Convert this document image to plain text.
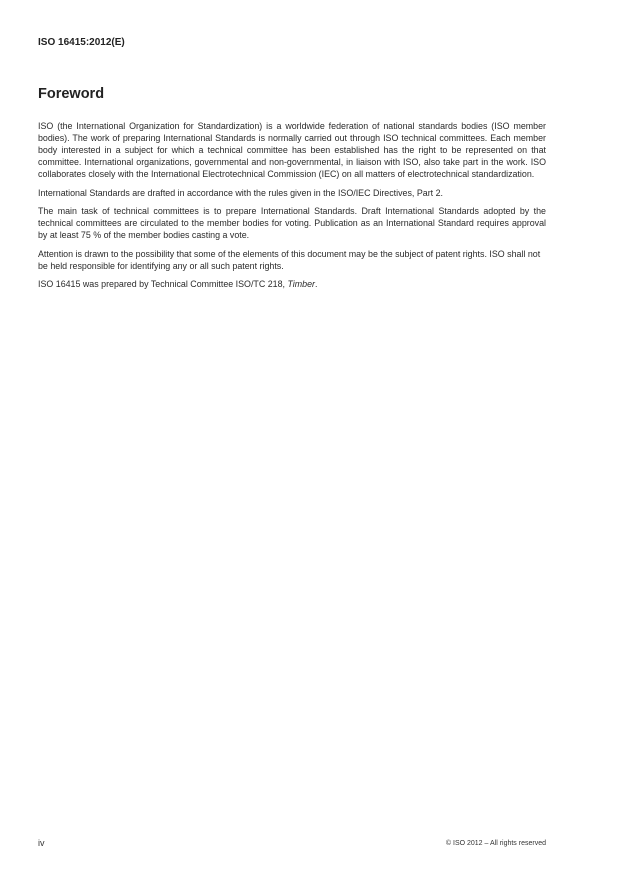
ISO 16415:2012(E)
Foreword

ISO (the International Organization for Standardization) is a worldwide federation of national standards bodies (ISO member bodies). The work of preparing International Standards is normally carried out through ISO technical committees. Each member body interested in a subject for which a technical committee has been established has the right to be represented on that committee. International organizations, governmental and non-governmental, in liaison with ISO, also take part in the work. ISO collaborates closely with the International Electrotechnical Commission (IEC) on all matters of electrotechnical standardization.

International Standards are drafted in accordance with the rules given in the ISO/IEC Directives, Part 2.

The main task of technical committees is to prepare International Standards. Draft International Standards adopted by the technical committees are circulated to the member bodies for voting. Publication as an International Standard requires approval by at least 75 % of the member bodies casting a vote.

Attention is drawn to the possibility that some of the elements of this document may be the subject of patent rights. ISO shall not be held responsible for identifying any or all such patent rights.

ISO 16415 was prepared by Technical Committee ISO/TC 218, Timber.

iv	© ISO 2012 – All rights reserved
